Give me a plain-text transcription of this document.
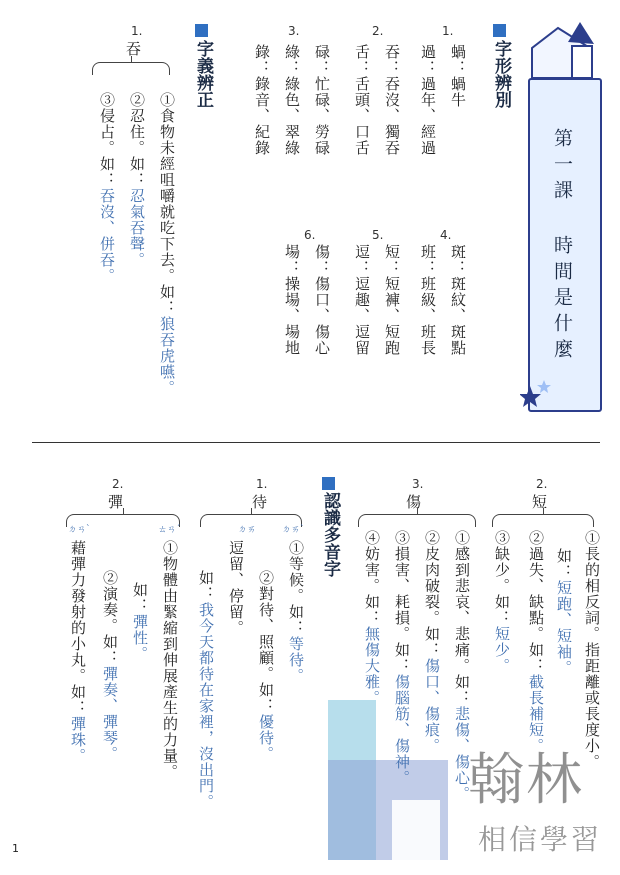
第一課 時間是什麼
字形辨別
1.
蝸：蝸牛
過：過年、經過
2.
吞：吞沒、獨吞
舌：舌頭、口舌
3.
碌：忙碌、勞碌
綠：綠色、翠綠
錄：錄音、紀錄
4.
斑：斑紋、斑點
班：班級、班長
5.
短：短褲、短跑
逗：逗趣、逗留
6.
傷：傷口、傷心
場：操場、場地
字義辨正
1.
吞
①食物未經咀嚼就吃下去。如：狼吞虎嚥。
②忍住。如：忍氣吞聲。
③侵占。如：吞沒、併吞。
翰林
相信學習
2.
短
①長的相反詞。指距離或長度小。
如：短跑、短袖。
②過失、缺點。如：截長補短。
③缺少。如：短少。
3.
傷
①感到悲哀、悲痛。如：悲傷、傷心。
②皮肉破裂。如：傷口、傷痕。
③損害、耗損。如：傷腦筋、傷神。
④妨害。如：無傷大雅。
認識多音字
1.
待
ㄉㄞˋ
ㄉㄞ
①等候。如：等待。
②對待、照顧。如：優待。
逗留、停留。
如：我今天都待在家裡，沒出門。
2.
彈
ㄊㄢˊ
ㄉㄢˋ
①物體由緊縮到伸展產生的力量。
如：彈性。
②演奏。如：彈奏、彈琴。
藉彈力發射的小丸。如：彈珠。
1
